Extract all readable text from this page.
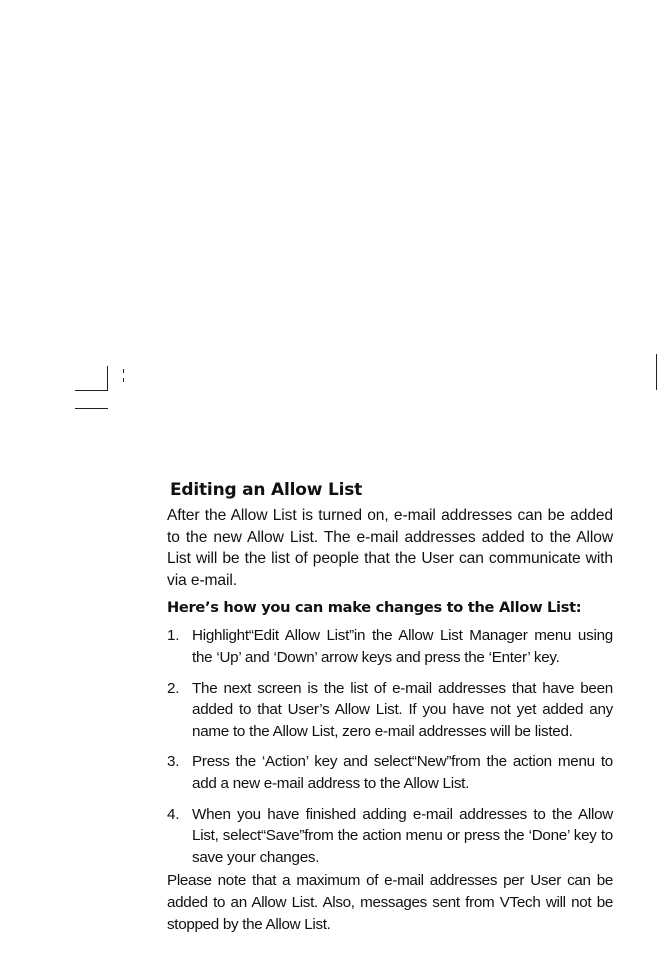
Editing an Allow List

After the Allow List is turned on, e-mail addresses can be added to the new Allow List. The e-mail addresses added to the Allow List will be the list of people that the User can communicate with via e-mail.

Here’s how you can make changes to the Allow List:
1. Highlight“Edit Allow List”in the Allow List Manager menu using the ‘Up’ and ‘Down’ arrow keys and press the ‘Enter’ key.
2. The next screen is the list of e-mail addresses that have been added to that User’s Allow List. If you have not yet added any name to the Allow List, zero e-mail addresses will be listed.
3. Press the ‘Action’ key and select“New”from the action menu to add a new e-mail address to the Allow List.
4. When you have finished adding e-mail addresses to the Allow List, select“Save”from the action menu or press the ‘Done’ key to save your changes.

Please note that a maximum of e-mail addresses per User can be added to an Allow List. Also, messages sent from VTech will not be stopped by the Allow List.
